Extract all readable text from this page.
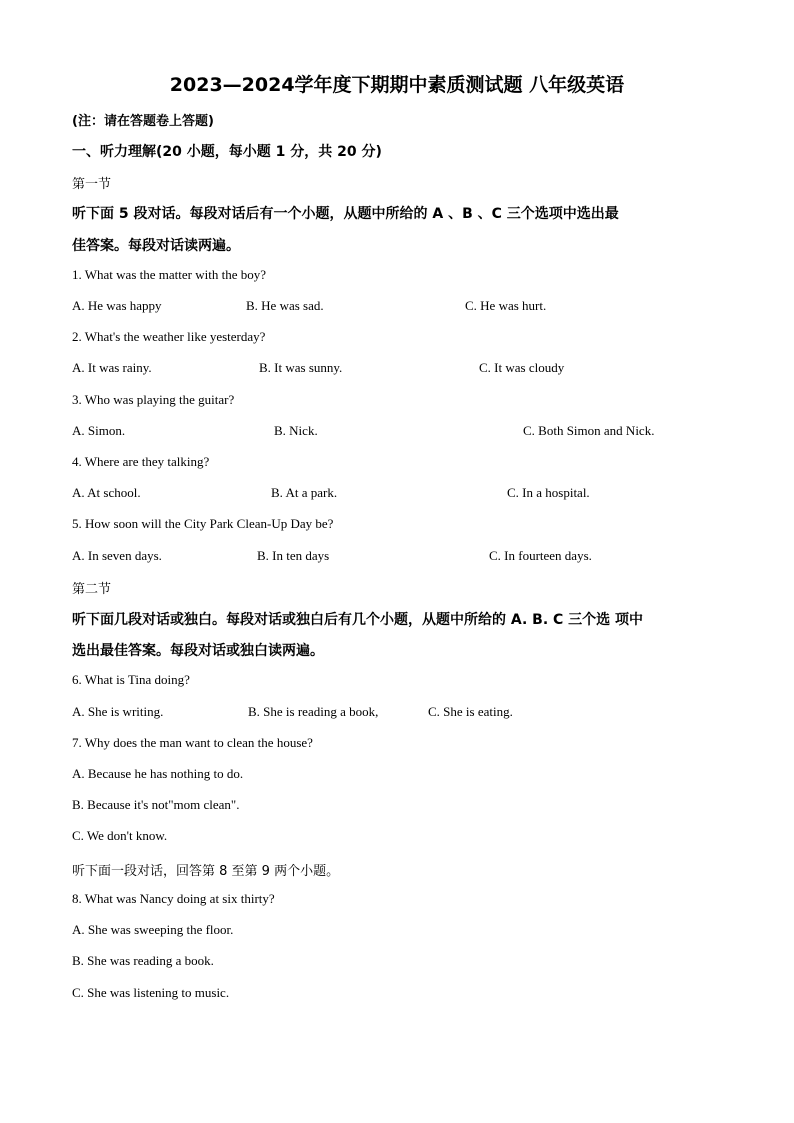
2023—2024学年度下期期中素质测试题 八年级英语
(注：请在答题卷上答题)
一、听力理解(20 小题，每小题 1 分，共 20 分)
第一节
听下面 5 段对话。每段对话后有一个小题，从题中所给的 A 、B 、C 三个选项中选出最
佳答案。每段对话读两遍。
1. What was the matter with the boy?
A. He was happy	B. He was sad.	C. He was hurt.
2. What's the weather like yesterday?
A. It was rainy.	B. It was sunny.	C. It was cloudy
3. Who was playing the guitar?
A. Simon.	B. Nick.	C. Both Simon and Nick.
4. Where are they talking?
A. At school.	B. At a park.	C. In a hospital.
5. How soon will the City Park Clean-Up Day be?
A. In seven days.	B. In ten days	C. In fourteen days.
第二节
听下面几段对话或独白。每段对话或独白后有几个小题，从题中所给的 A. B. C 三个选 项中
选出最佳答案。每段对话或独白读两遍。
6. What is Tina doing?
A. She is writing.	B. She is reading a book,	C. She is eating.
7. Why does the man want to clean the house?
A. Because he has nothing to do.
B. Because it's not"mom clean".
C. We don't know.
听下面一段对话，回答第 8 至第 9 两个小题。
8. What was Nancy doing at six thirty?
A. She was sweeping the floor.
B. She was reading a book.
C. She was listening to music.
